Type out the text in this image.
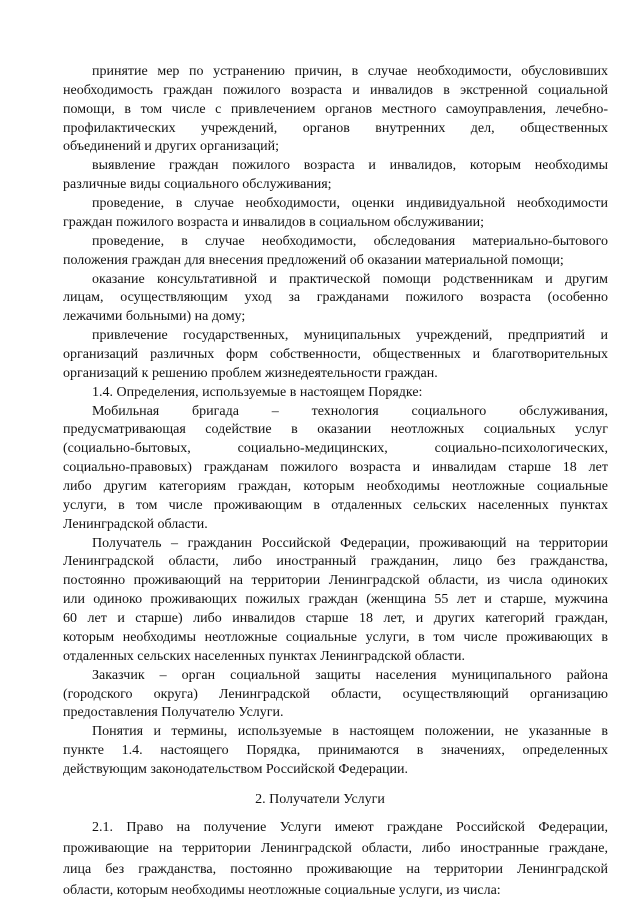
принятие мер по устранению причин, в случае необходимости, обусловивших
необходимость граждан пожилого возраста и инвалидов в экстренной социальной
помощи, в том числе с привлечением органов местного самоуправления, лечебно-
профилактических учреждений, органов внутренних дел, общественных
объединений и других организаций;
выявление граждан пожилого возраста и инвалидов, которым необходимы
различные виды социального обслуживания;
проведение, в случае необходимости, оценки индивидуальной необходимости
граждан пожилого возраста и инвалидов в социальном обслуживании;
проведение, в случае необходимости, обследования материально-бытового
положения граждан для внесения предложений об оказании материальной помощи;
оказание консультативной и практической помощи родственникам и другим
лицам, осуществляющим уход за гражданами пожилого возраста (особенно
лежачими больными) на дому;
привлечение государственных, муниципальных учреждений, предприятий и
организаций различных форм собственности, общественных и благотворительных
организаций к решению проблем жизнедеятельности граждан.
1.4. Определения, используемые в настоящем Порядке:
Мобильная бригада – технология социального обслуживания,
предусматривающая содействие в оказании неотложных социальных услуг
(социально-бытовых, социально-медицинских, социально-психологических,
социально-правовых) гражданам пожилого возраста и инвалидам старше 18 лет
либо другим категориям граждан, которым необходимы неотложные социальные
услуги, в том числе проживающим в отдаленных сельских населенных пунктах
Ленинградской области.
Получатель – гражданин Российской Федерации, проживающий на территории
Ленинградской области, либо иностранный гражданин, лицо без гражданства,
постоянно проживающий на территории Ленинградской области, из числа одиноких
или одиноко проживающих пожилых граждан (женщина 55 лет и старше, мужчина
60 лет и старше) либо инвалидов старше 18 лет, и других категорий граждан,
которым необходимы неотложные социальные услуги, в том числе проживающих в
отдаленных сельских населенных пунктах Ленинградской области.
Заказчик – орган социальной защиты населения муниципального района
(городского округа) Ленинградской области, осуществляющий организацию
предоставления Получателю Услуги.
Понятия и термины, используемые в настоящем положении, не указанные в
пункте 1.4. настоящего Порядка, принимаются в значениях, определенных
действующим законодательством Российской Федерации.
2. Получатели Услуги
2.1. Право на получение Услуги имеют граждане Российской Федерации,
проживающие на территории Ленинградской области, либо иностранные граждане,
лица без гражданства, постоянно проживающие на территории Ленинградской
области, которым необходимы неотложные социальные услуги, из числа:
